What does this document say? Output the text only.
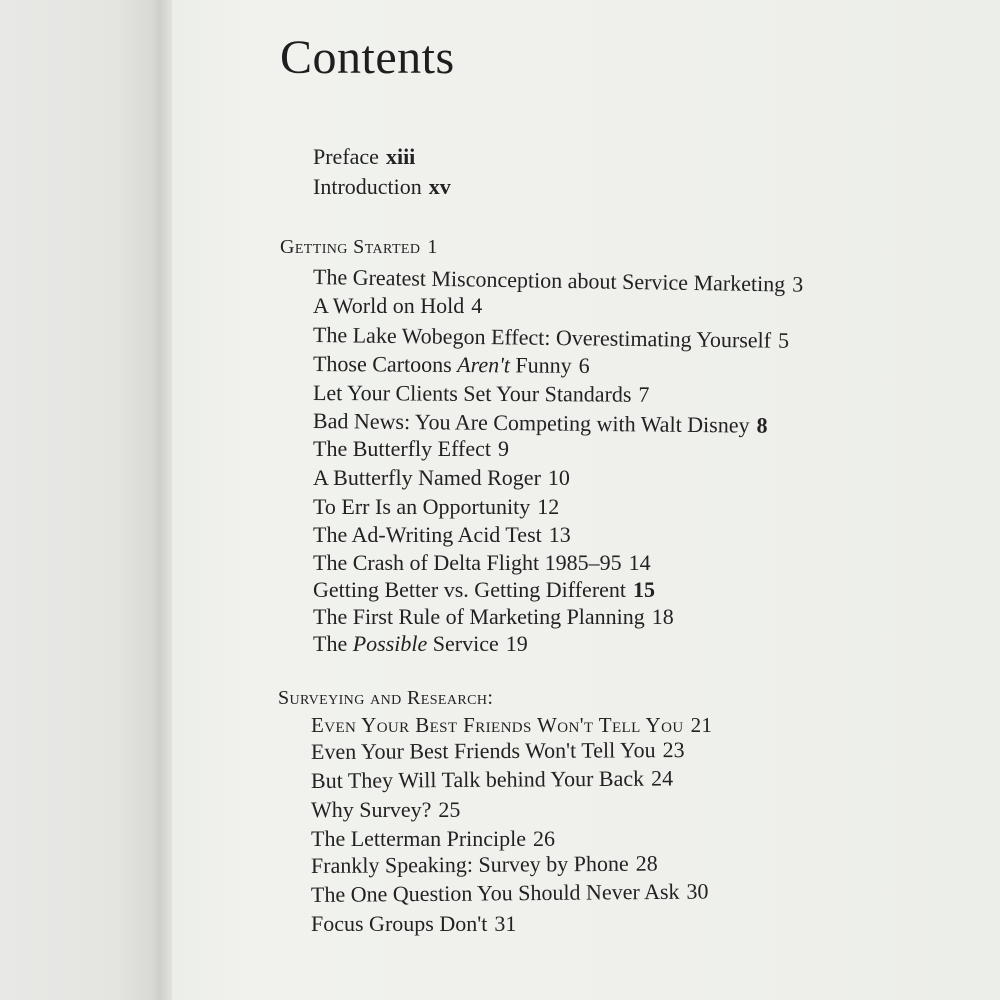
Contents
Preface xiii
Introduction xv
Getting Started 1
The Greatest Misconception about Service Marketing 3
A World on Hold 4
The Lake Wobegon Effect: Overestimating Yourself 5
Those Cartoons Aren't Funny 6
Let Your Clients Set Your Standards 7
Bad News: You Are Competing with Walt Disney 8
The Butterfly Effect 9
A Butterfly Named Roger 10
To Err Is an Opportunity 12
The Ad-Writing Acid Test 13
The Crash of Delta Flight 1985–95 14
Getting Better vs. Getting Different 15
The First Rule of Marketing Planning 18
The Possible Service 19
Surveying and Research:
Even Your Best Friends Won't Tell You 21
Even Your Best Friends Won't Tell You 23
But They Will Talk behind Your Back 24
Why Survey? 25
The Letterman Principle 26
Frankly Speaking: Survey by Phone 28
The One Question You Should Never Ask 30
Focus Groups Don't 31
